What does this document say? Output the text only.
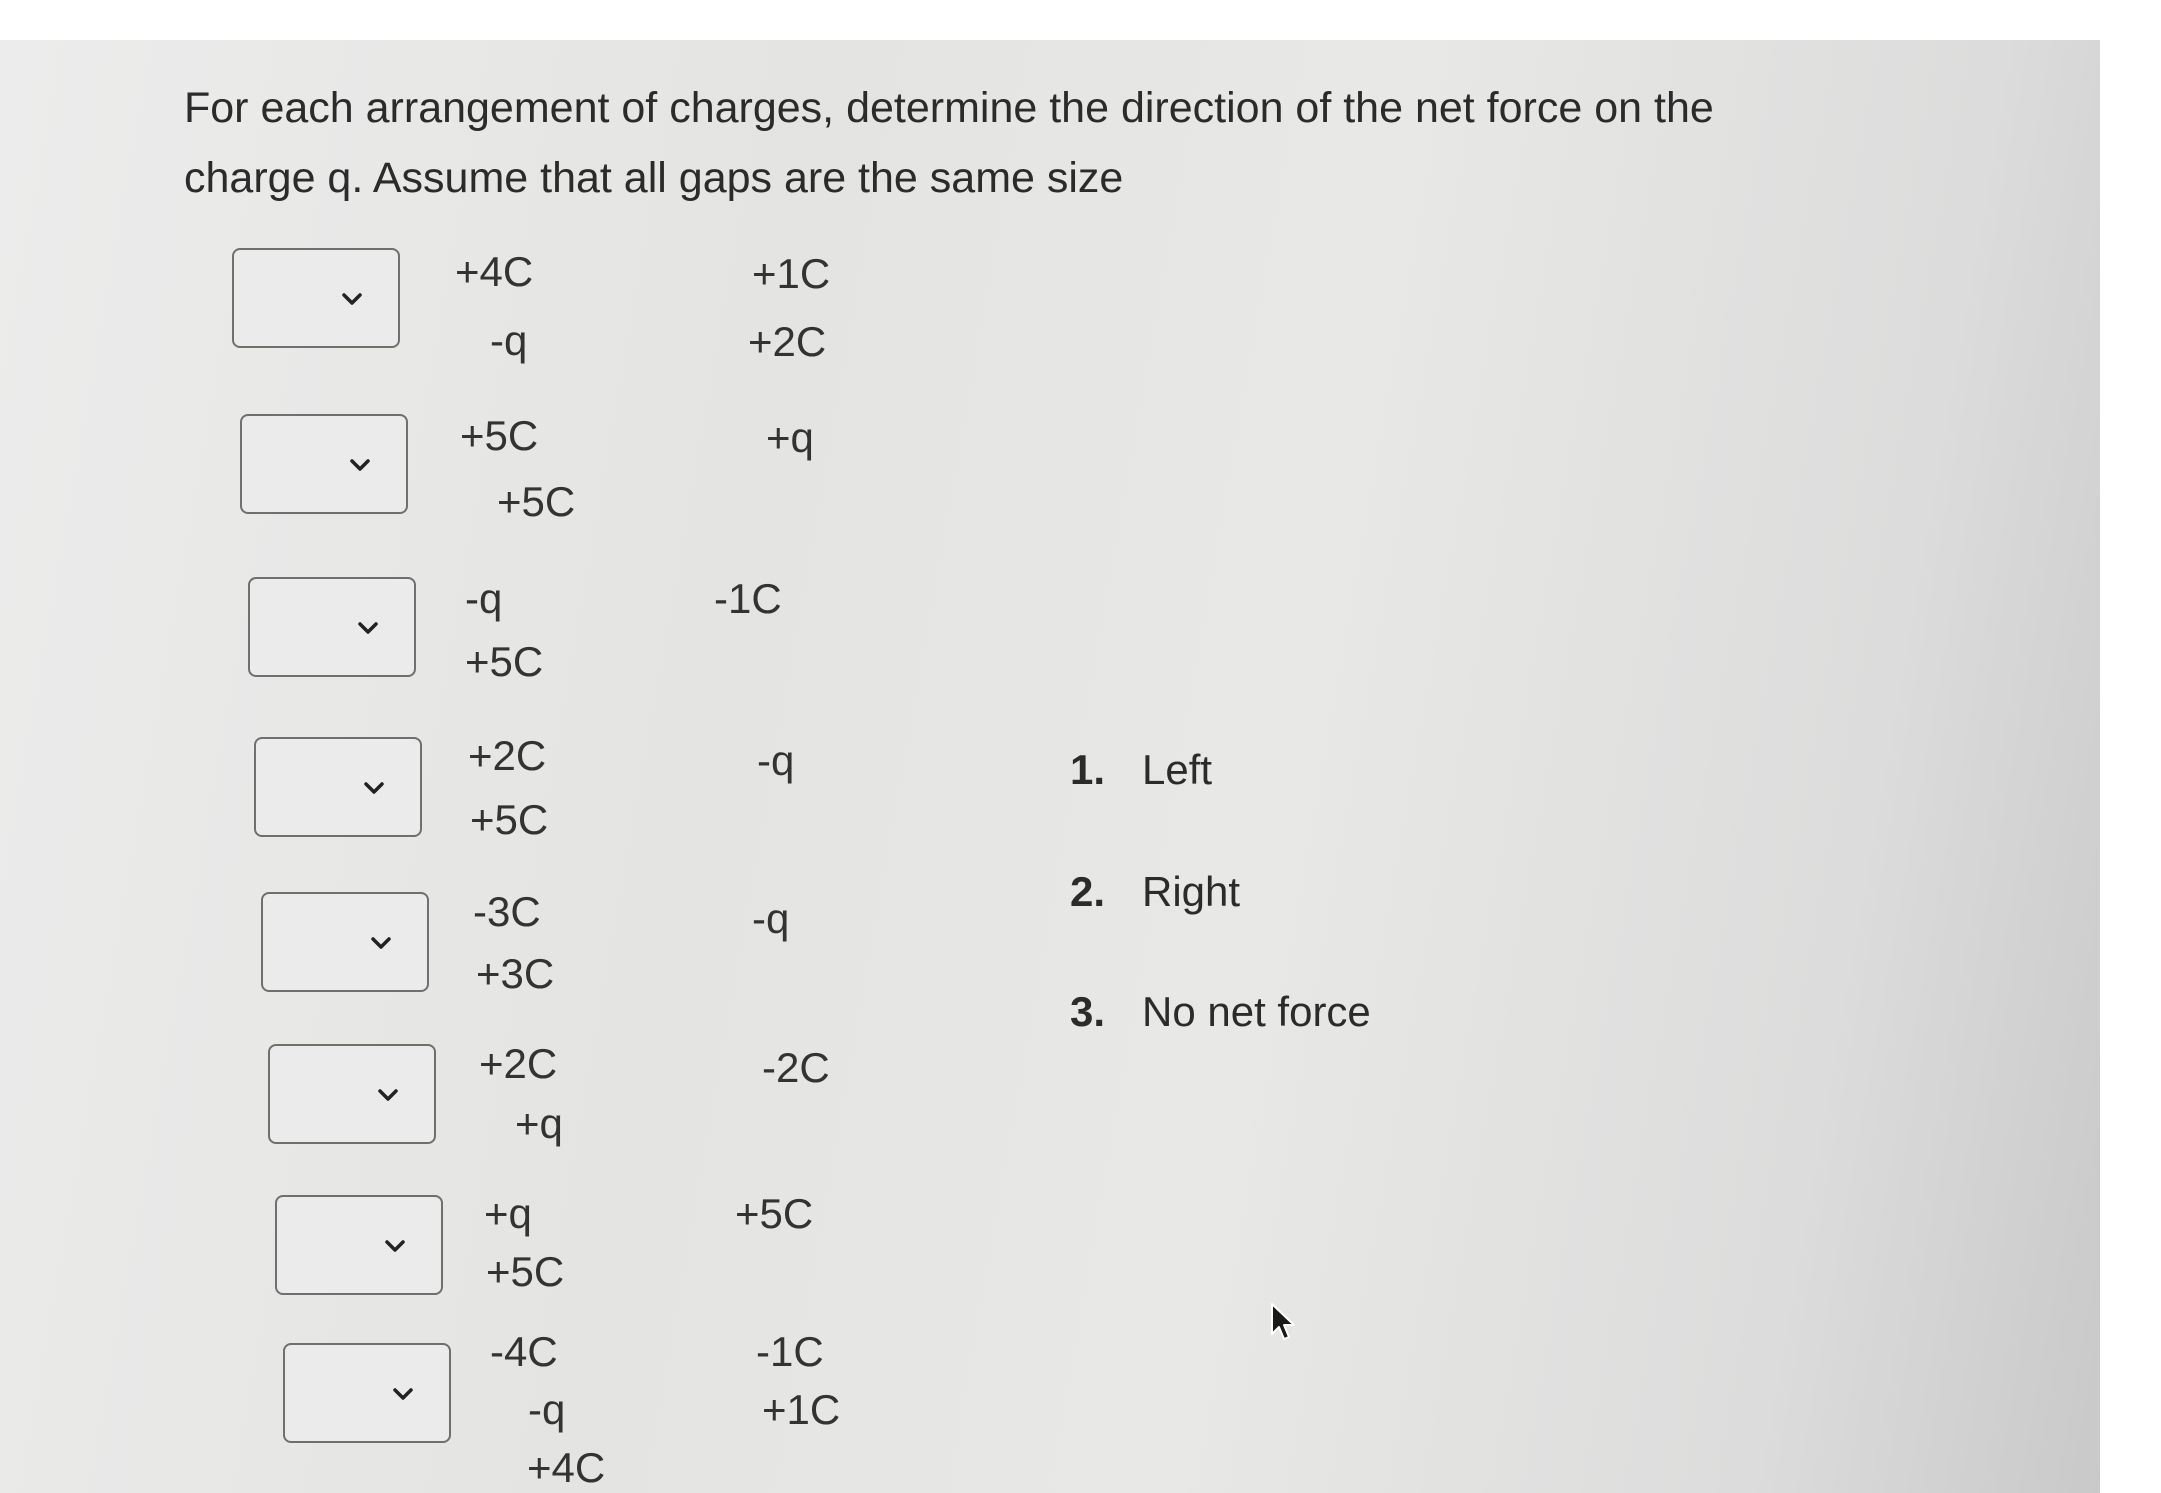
For each arrangement of charges, determine the direction of the net force on the
charge q. Assume that all gaps are the same size
+4C
-q
+1C
+2C
+5C
+5C
+q
-q
+5C
-1C
+2C
+5C
-q
-3C
+3C
-q
+2C
+q
-2C
+q
+5C
+5C
-4C
-q
+4C
-1C
+1C
1. Left
2. Right
3. No net force
